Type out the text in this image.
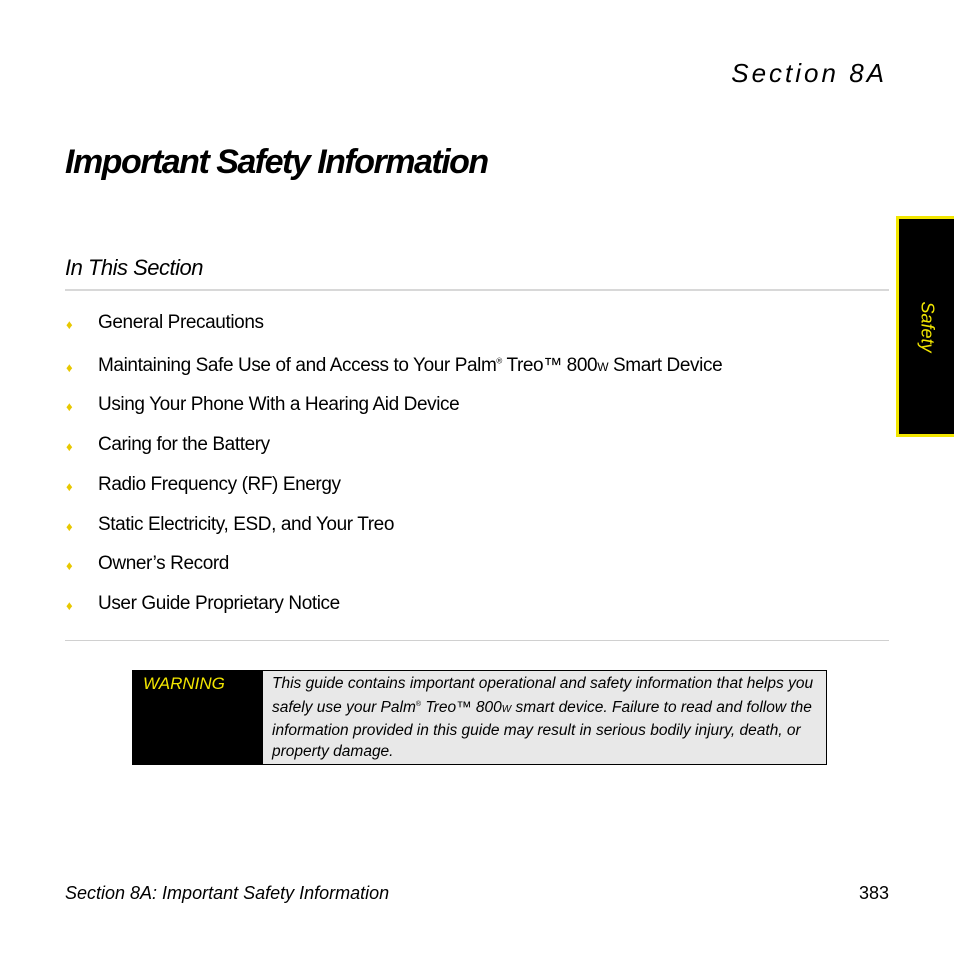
Section 8A
Important Safety Information
In This Section
♦ General Precautions
♦ Maintaining Safe Use of and Access to Your Palm® Treo™ 800W Smart Device
♦ Using Your Phone With a Hearing Aid Device
♦ Caring for the Battery
♦ Radio Frequency (RF) Energy
♦ Static Electricity, ESD, and Your Treo
♦ Owner’s Record
♦ User Guide Proprietary Notice
Safety
WARNING	This guide contains important operational and safety information that helps you safely use your Palm® Treo™ 800W smart device. Failure to read and follow the information provided in this guide may result in serious bodily injury, death, or property damage.
Section 8A: Important Safety Information	383
